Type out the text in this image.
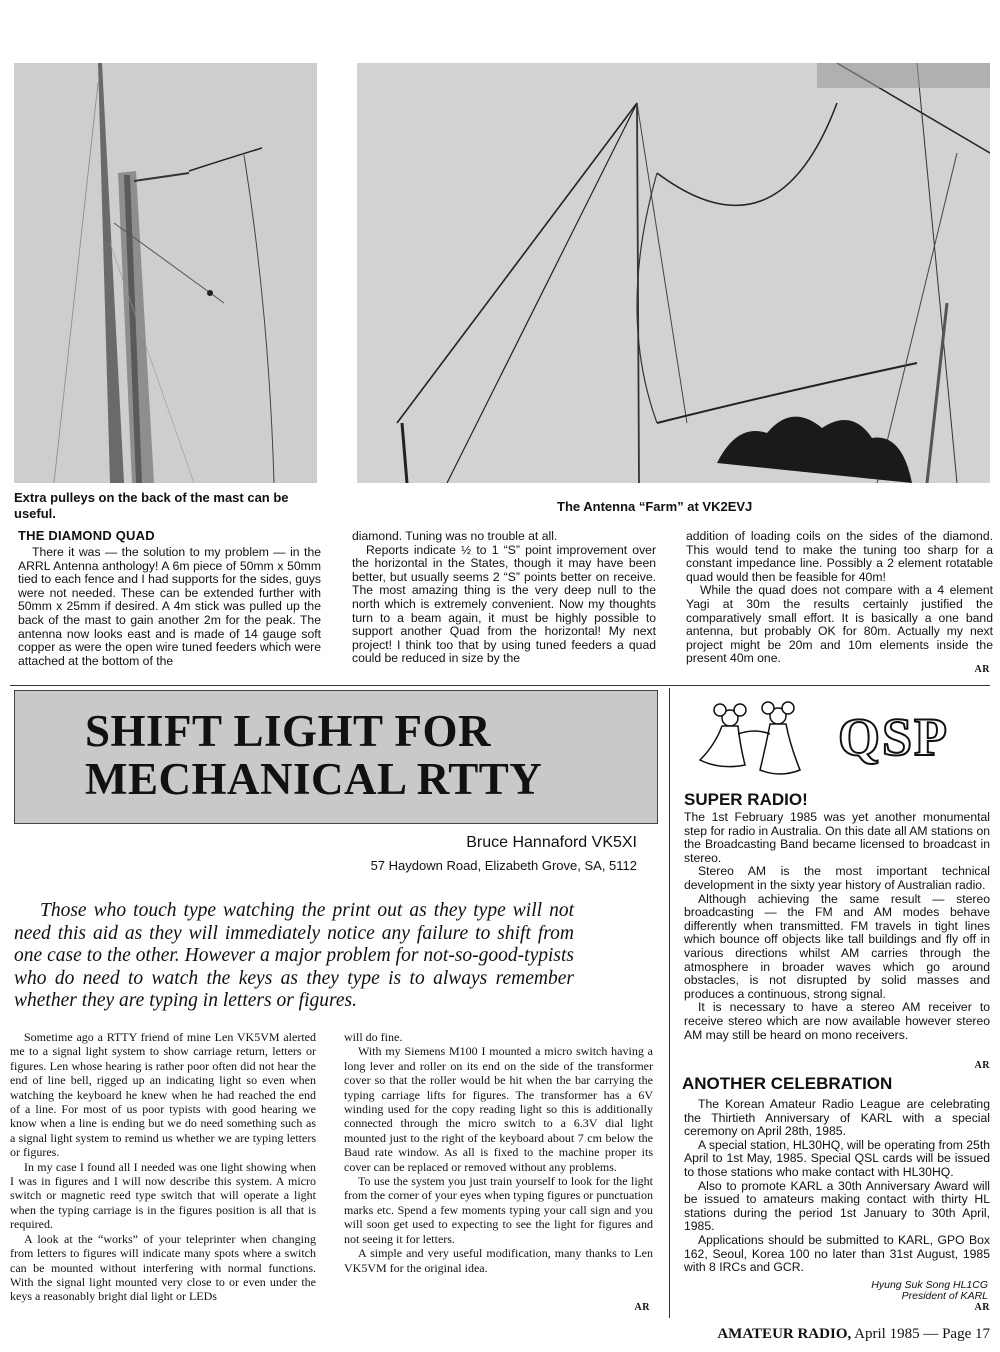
Extra pulleys on the back of the mast can be useful.	The Antenna “Farm” at VK2EVJ
THE DIAMOND QUAD

There it was — the solution to my problem — in the ARRL Antenna anthology! A 6m piece of 50mm x 50mm tied to each fence and I had supports for the sides, guys were not needed. These can be extended further with 50mm x 25mm if desired. A 4m stick was pulled up the back of the mast to gain another 2m for the peak. The antenna now looks east and is made of 14 gauge soft copper as were the open wire tuned feeders which were attached at the bottom of the

diamond. Tuning was no trouble at all.

Reports indicate ½ to 1 “S” point improvement over the horizontal in the States, though it may have been better, but usually seems 2 “S” points better on receive. The most amazing thing is the very deep null to the north which is extremely convenient. Now my thoughts turn to a beam again, it must be highly possible to support another Quad from the horizontal! My next project! I think too that by using tuned feeders a quad could be reduced in size by the

addition of loading coils on the sides of the diamond. This would tend to make the tuning too sharp for a constant impedance line. Possibly a 2 element rotatable quad would then be feasible for 40m!

While the quad does not compare with a 4 element Yagi at 30m the results certainly justified the comparatively small effort. It is basically a one band antenna, but probably OK for 80m. Actually my next project might be 20m and 10m elements inside the present 40m one.

AR
SHIFT LIGHT FOR
MECHANICAL RTTY
Bruce Hannaford VK5XI
57 Haydown Road, Elizabeth Grove, SA, 5112
Those who touch type watching the print out as they type will not need this aid as they will immediately notice any failure to shift from one case to the other. However a major problem for not-so-good-typists who do need to watch the keys as they type is to always remember whether they are typing in letters or figures.

Sometime ago a RTTY friend of mine Len VK5VM alerted me to a signal light system to show carriage return, letters or figures. Len whose hearing is rather poor often did not hear the end of line bell, rigged up an indicating light so even when watching the keyboard he knew when he had reached the end of a line. For most of us poor typists with good hearing we know when a line is ending but we do need something such as a signal light system to remind us whether we are typing letters or figures.

In my case I found all I needed was one light showing when I was in figures and I will now describe this system. A micro switch or magnetic reed type switch that will operate a light when the typing carriage is in the figures position is all that is required.

A look at the “works” of your teleprinter when changing from letters to figures will indicate many spots where a switch can be mounted without interfering with normal functions. With the signal light mounted very close to or even under the keys a reasonably bright dial light or LEDs

will do fine.

With my Siemens M100 I mounted a micro switch having a long lever and roller on its end on the side of the transformer cover so that the roller would be hit when the bar carrying the typing carriage lifts for figures. The transformer has a 6V winding used for the copy reading light so this is additionally connected through the micro switch to a 6.3V dial light mounted just to the right of the keyboard about 7 cm below the Baud rate window. As all is fixed to the machine proper its cover can be replaced or removed without any problems.

To use the system you just train yourself to look for the light from the corner of your eyes when typing figures or punctuation marks etc. Spend a few moments typing your call sign and you will soon get used to expecting to see the light for figures and not seeing it for letters.

A simple and very useful modification, many thanks to Len VK5VM for the original idea.

AR
QSP
SUPER RADIO!

The 1st February 1985 was yet another monumental step for radio in Australia. On this date all AM stations on the Broadcasting Band became licensed to broadcast in stereo.

Stereo AM is the most important technical development in the sixty year history of Australian radio.

Although achieving the same result — stereo broadcasting — the FM and AM modes behave differently when transmitted. FM travels in tight lines which bounce off objects like tall buildings and fly off in various directions whilst AM carries through the atmosphere in broader waves which go around obstacles, is not disrupted by solid masses and produces a continuous, strong signal.

It is necessary to have a stereo AM receiver to receive stereo which are now available however stereo AM may still be heard on mono receivers.

AR
ANOTHER CELEBRATION

The Korean Amateur Radio League are celebrating the Thirtieth Anniversary of KARL with a special ceremony on April 28th, 1985.

A special station, HL30HQ, will be operating from 25th April to 1st May, 1985. Special QSL cards will be issued to those stations who make contact with HL30HQ.

Also to promote KARL a 30th Anniversary Award will be issued to amateurs making contact with thirty HL stations during the period 1st January to 30th April, 1985.

Applications should be submitted to KARL, GPO Box 162, Seoul, Korea 100 no later than 31st August, 1985 with 8 IRCs and GCR.

Hyung Suk Song HL1CG
President of KARL
AR
AMATEUR RADIO, April 1985 — Page 17
